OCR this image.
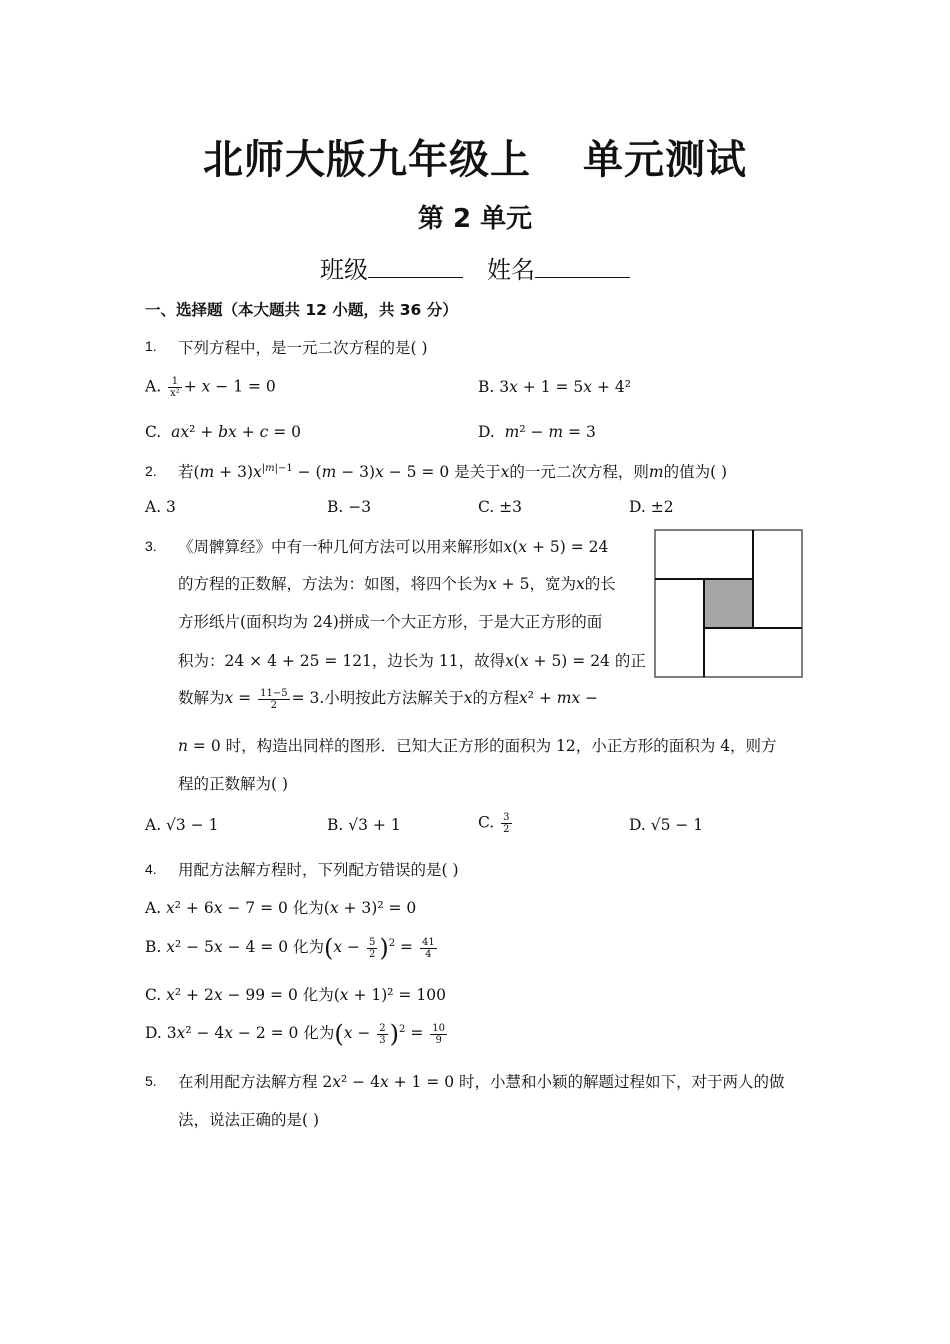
北师大版九年级上 单元测试
第 2 单元
班级	姓名
一、选择题（本大题共 12 小题，共 36 分）
1. 下列方程中，是一元二次方程的是( )
A. $\frac{1}{\text{x²}}$ + 𝑥 − 1 = 0	B. 3𝑥 + 1 = 5𝑥 + 4²
C. 𝑎𝑥² + 𝑏𝑥 + 𝑐 = 0	D. 𝑚² − 𝑚 = 3
2. 若(𝑚 + 3)𝑥$^{|𝑚|-1}$ − (𝑚 − 3)𝑥 − 5 = 0 是关于𝑥的一元二次方程，则𝑚的值为( )
A. 3	B. −3	C. ±3	D. ±2
3. 《周髀算经》中有一种几何方法可以用来解形如𝑥(𝑥 + 5) = 24
的方程的正数解，方法为：如图，将四个长为𝑥 + 5，宽为𝑥的长
方形纸片(面积均为 24)拼成一个大正方形，于是大正方形的面
积为：24 × 4 + 25 = 121，边长为 11，故得𝑥(𝑥 + 5) = 24 的正
数解为𝑥 = $\frac{11-5}{2} = 3$.小明按此方法解关于𝑥的方程𝑥² + 𝑚𝑥 −
𝑛 = 0 时，构造出同样的图形．已知大正方形的面积为 12，小正方形的面积为 4，则方
程的正数解为( )
A. √3 − 1	B. √3 + 1	C. $\frac{3}{2}$	D. √5 − 1
4. 用配方法解方程时，下列配方错误的是( )
A. 𝑥² + 6𝑥 − 7 = 0 化为(𝑥 + 3)² = 0
B. 𝑥² − 5𝑥 − 4 = 0 化为(𝑥 − $\frac{5}{2} )^2 = \frac{41}{4}$
C. 𝑥² + 2𝑥 − 99 = 0 化为(𝑥 + 1)² = 100
D. 3𝑥² − 4𝑥 − 2 = 0 化为(𝑥 − $\frac{2}{3} )^2 = \frac{10}{9}$
5. 在利用配方法解方程 2𝑥² − 4𝑥 + 1 = 0 时，小慧和小颖的解题过程如下，对于两人的做
法，说法正确的是( )
